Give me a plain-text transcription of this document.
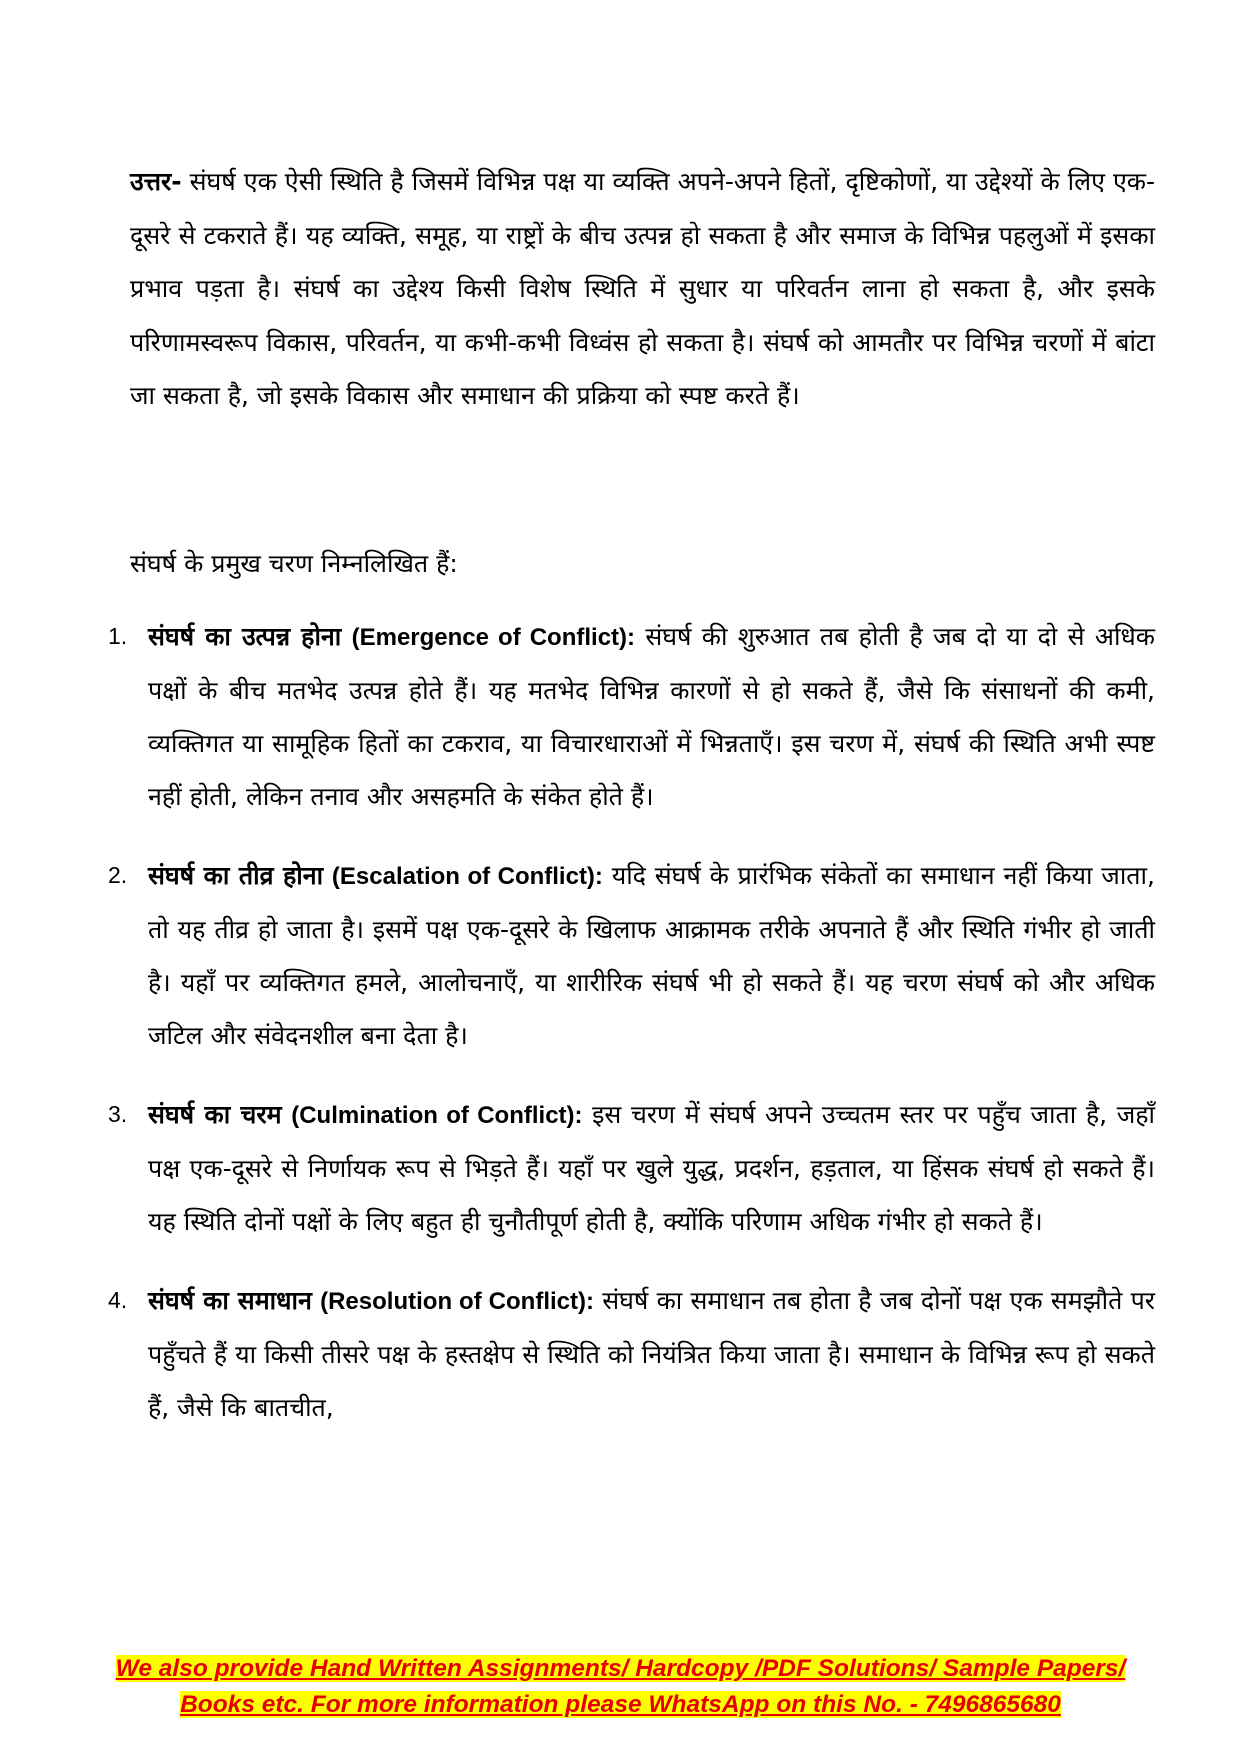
उत्तर- संघर्ष एक ऐसी स्थिति है जिसमें विभिन्न पक्ष या व्यक्ति अपने-अपने हितों, दृष्टिकोणों, या उद्देश्यों के लिए एक-दूसरे से टकराते हैं। यह व्यक्ति, समूह, या राष्ट्रों के बीच उत्पन्न हो सकता है और समाज के विभिन्न पहलुओं में इसका प्रभाव पड़ता है। संघर्ष का उद्देश्य किसी विशेष स्थिति में सुधार या परिवर्तन लाना हो सकता है, और इसके परिणामस्वरूप विकास, परिवर्तन, या कभी-कभी विध्वंस हो सकता है। संघर्ष को आमतौर पर विभिन्न चरणों में बांटा जा सकता है, जो इसके विकास और समाधान की प्रक्रिया को स्पष्ट करते हैं।

संघर्ष के प्रमुख चरण निम्नलिखित हैं:

1. संघर्ष का उत्पन्न होना (Emergence of Conflict): संघर्ष की शुरुआत तब होती है जब दो या दो से अधिक पक्षों के बीच मतभेद उत्पन्न होते हैं। यह मतभेद विभिन्न कारणों से हो सकते हैं, जैसे कि संसाधनों की कमी, व्यक्तिगत या सामूहिक हितों का टकराव, या विचारधाराओं में भिन्नताएँ। इस चरण में, संघर्ष की स्थिति अभी स्पष्ट नहीं होती, लेकिन तनाव और असहमति के संकेत होते हैं।
2. संघर्ष का तीव्र होना (Escalation of Conflict): यदि संघर्ष के प्रारंभिक संकेतों का समाधान नहीं किया जाता, तो यह तीव्र हो जाता है। इसमें पक्ष एक-दूसरे के खिलाफ आक्रामक तरीके अपनाते हैं और स्थिति गंभीर हो जाती है। यहाँ पर व्यक्तिगत हमले, आलोचनाएँ, या शारीरिक संघर्ष भी हो सकते हैं। यह चरण संघर्ष को और अधिक जटिल और संवेदनशील बना देता है।
3. संघर्ष का चरम (Culmination of Conflict): इस चरण में संघर्ष अपने उच्चतम स्तर पर पहुँच जाता है, जहाँ पक्ष एक-दूसरे से निर्णायक रूप से भिड़ते हैं। यहाँ पर खुले युद्ध, प्रदर्शन, हड़ताल, या हिंसक संघर्ष हो सकते हैं। यह स्थिति दोनों पक्षों के लिए बहुत ही चुनौतीपूर्ण होती है, क्योंकि परिणाम अधिक गंभीर हो सकते हैं।
4. संघर्ष का समाधान (Resolution of Conflict): संघर्ष का समाधान तब होता है जब दोनों पक्ष एक समझौते पर पहुँचते हैं या किसी तीसरे पक्ष के हस्तक्षेप से स्थिति को नियंत्रित किया जाता है। समाधान के विभिन्न रूप हो सकते हैं, जैसे कि बातचीत,
We also provide Hand Written Assignments/ Hardcopy /PDF Solutions/ Sample Papers/
Books etc. For more information please WhatsApp on this No. - 7496865680
